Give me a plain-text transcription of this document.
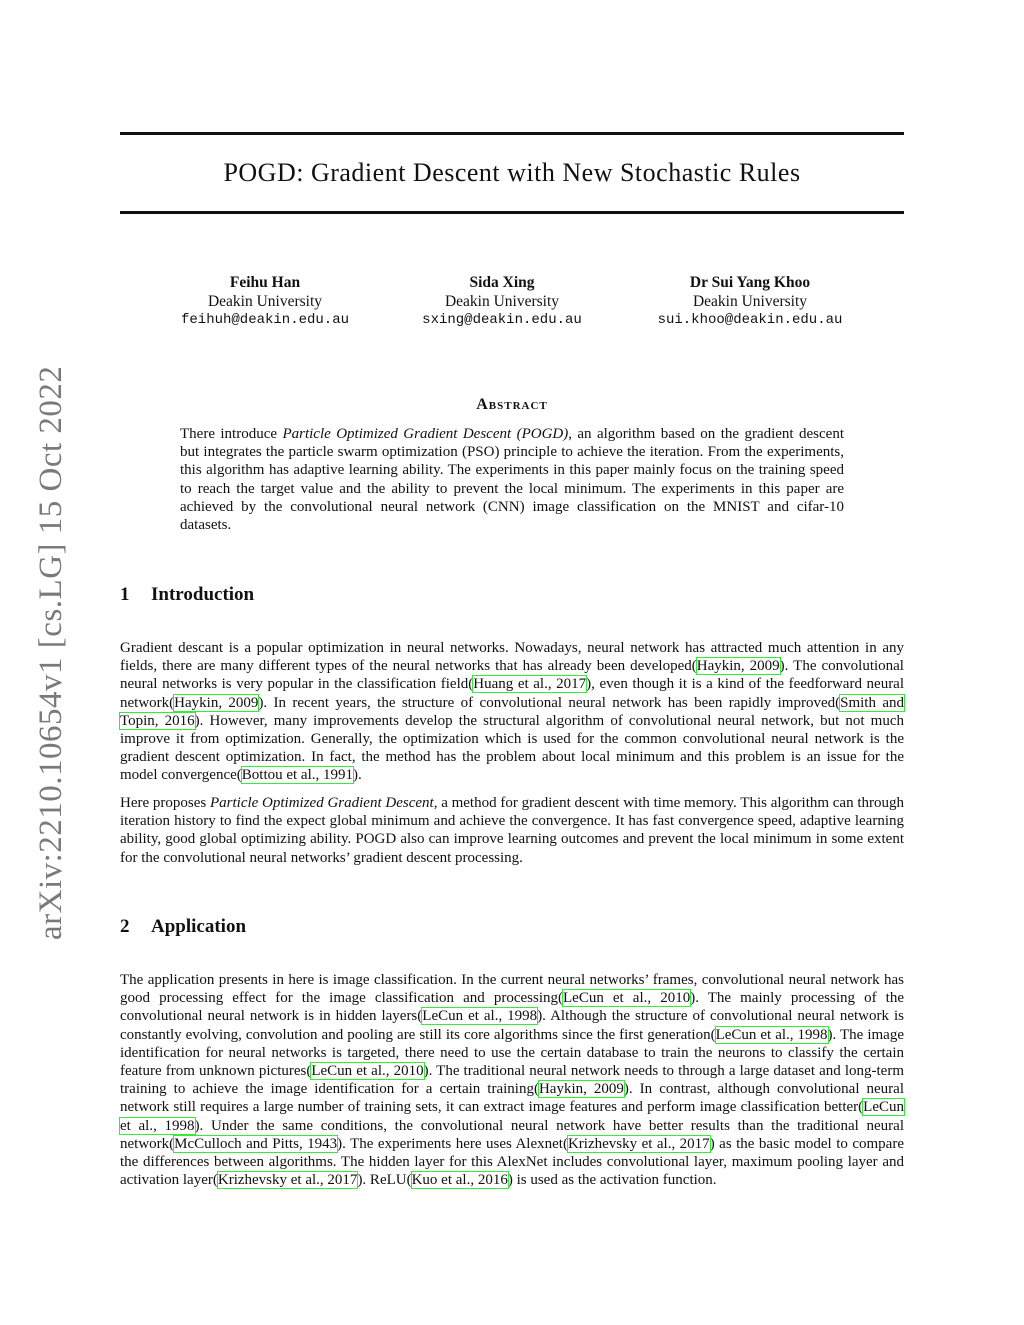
POGD: Gradient Descent with New Stochastic Rules
Feihu Han
Deakin University
feihuh@deakin.edu.au
Sida Xing
Deakin University
sxing@deakin.edu.au
Dr Sui Yang Khoo
Deakin University
sui.khoo@deakin.edu.au
arXiv:2210.10654v1 [cs.LG] 15 Oct 2022	Abstract
There introduce Particle Optimized Gradient Descent (POGD), an algorithm based on the gradient descent but integrates the particle swarm optimization (PSO) principle to achieve the iteration. From the experiments, this algorithm has adaptive learning ability. The experiments in this paper mainly focus on the training speed to reach the target value and the ability to prevent the local minimum. The experiments in this paper are achieved by the convolutional neural network (CNN) image classification on the MNIST and cifar-10 datasets.
1 Introduction

Gradient descant is a popular optimization in neural networks. Nowadays, neural network has attracted much attention in any fields, there are many different types of the neural networks that has already been developed(Haykin, 2009). The convolutional neural networks is very popular in the classification field(Huang et al., 2017), even though it is a kind of the feedforward neural network(Haykin, 2009). In recent years, the structure of convolutional neural network has been rapidly improved(Smith and Topin, 2016). However, many improvements develop the structural algorithm of convolutional neural network, but not much improve it from optimization. Generally, the optimization which is used for the common convolutional neural network is the gradient descent optimization. In fact, the method has the problem about local minimum and this problem is an issue for the model convergence(Bottou et al., 1991).

Here proposes Particle Optimized Gradient Descent, a method for gradient descent with time memory. This algorithm can through iteration history to find the expect global minimum and achieve the convergence. It has fast convergence speed, adaptive learning ability, good global optimizing ability. POGD also can improve learning outcomes and prevent the local minimum in some extent for the convolutional neural networks’ gradient descent processing.

2 Application

The application presents in here is image classification. In the current neural networks’ frames, convolutional neural network has good processing effect for the image classification and processing(LeCun et al., 2010). The mainly processing of the convolutional neural network is in hidden layers(LeCun et al., 1998). Although the structure of convolutional neural network is constantly evolving, convolution and pooling are still its core algorithms since the first generation(LeCun et al., 1998). The image identification for neural networks is targeted, there need to use the certain database to train the neurons to classify the certain feature from unknown pictures(LeCun et al., 2010). The traditional neural network needs to through a large dataset and long-term training to achieve the image identification for a certain training(Haykin, 2009). In contrast, although convolutional neural network still requires a large number of training sets, it can extract image features and perform image classification better(LeCun et al., 1998). Under the same conditions, the convolutional neural network have better results than the traditional neural network(McCulloch and Pitts, 1943). The experiments here uses Alexnet(Krizhevsky et al., 2017) as the basic model to compare the differences between algorithms. The hidden layer for this AlexNet includes convolutional layer, maximum pooling layer and activation layer(Krizhevsky et al., 2017). ReLU(Kuo et al., 2016) is used as the activation function.
